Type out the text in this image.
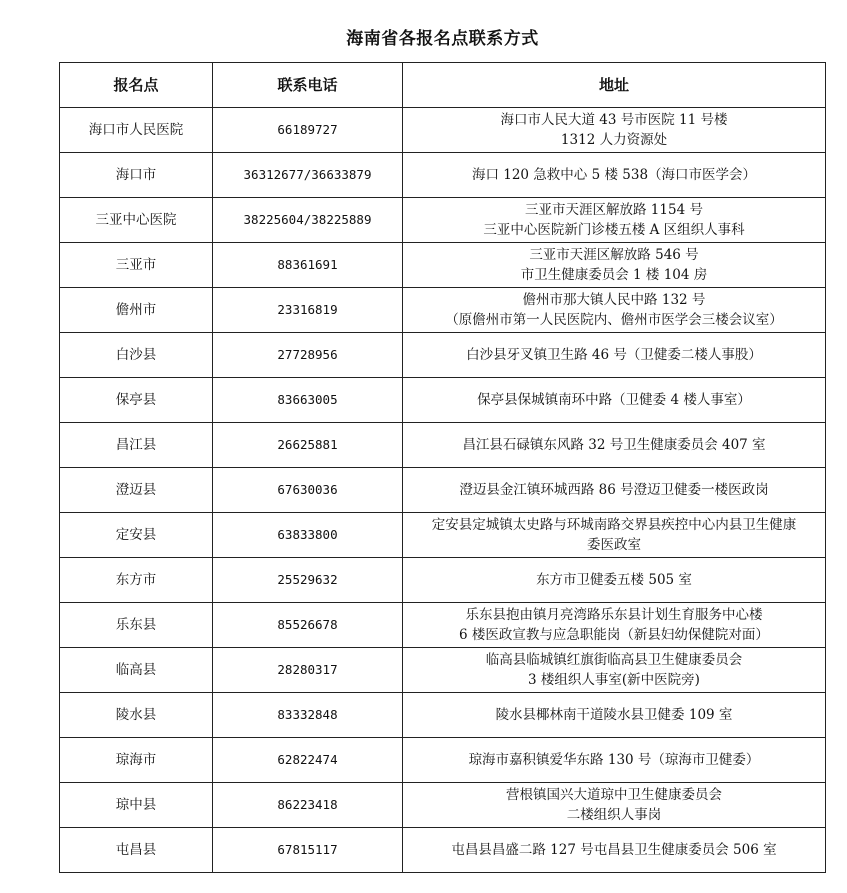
海南省各报名点联系方式
报名点	联系电话	地址
海口市人民医院	66189727	海口市人民大道 43 号市医院 11 号楼
1312 人力资源处

海口市	36312677/36633879	海口 120 急救中心 5 楼 538（海口市医学会）

三亚中心医院	38225604/38225889	三亚市天涯区解放路 1154 号
三亚中心医院新门诊楼五楼 A 区组织人事科

三亚市	88361691	三亚市天涯区解放路 546 号
市卫生健康委员会 1 楼 104 房

儋州市	23316819	儋州市那大镇人民中路 132 号
（原儋州市第一人民医院内、儋州市医学会三楼会议室）

白沙县	27728956	白沙县牙叉镇卫生路 46 号（卫健委二楼人事股）

保亭县	83663005	保亭县保城镇南环中路（卫健委 4 楼人事室）

昌江县	26625881	昌江县石碌镇东风路 32 号卫生健康委员会 407 室

澄迈县	67630036	澄迈县金江镇环城西路 86 号澄迈卫健委一楼医政岗

定安县	63833800	定安县定城镇太史路与环城南路交界县疾控中心内县卫生健康
委医政室

东方市	25529632	东方市卫健委五楼 505 室

乐东县	85526678	乐东县抱由镇月亮湾路乐东县计划生育服务中心楼
6 楼医政宣教与应急职能岗（新县妇幼保健院对面）

临高县	28280317	临高县临城镇红旗街临高县卫生健康委员会
3 楼组织人事室(新中医院旁)

陵水县	83332848	陵水县椰林南干道陵水县卫健委 109 室

琼海市	62822474	琼海市嘉积镇爱华东路 130 号（琼海市卫健委）

琼中县	86223418	营根镇国兴大道琼中卫生健康委员会
二楼组织人事岗

屯昌县	67815117	屯昌县昌盛二路 127 号屯昌县卫生健康委员会 506 室
